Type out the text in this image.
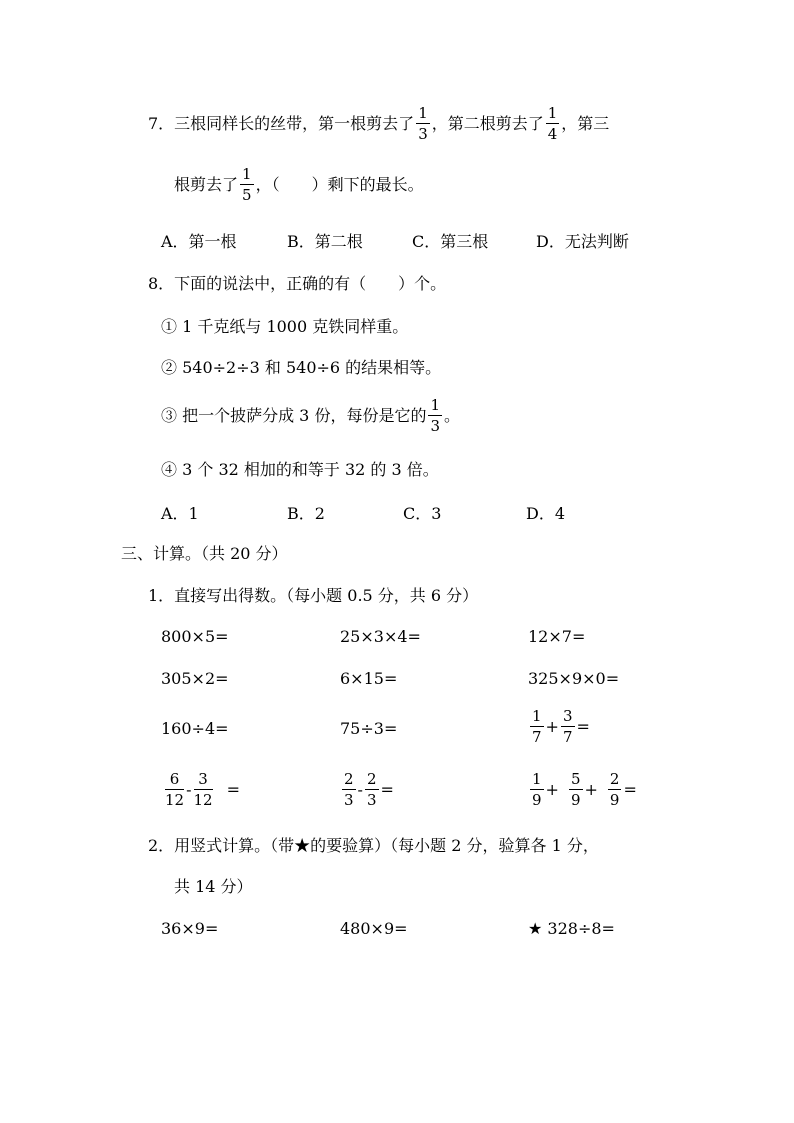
7．三根同样长的丝带，第一根剪去了 $\frac{1}{3}$ ，第二根剪去了 $\frac{1}{4}$ ，第三
根剪去了 $\frac{1}{5}$ ，（　　）剩下的最长。
A．第一根	B．第二根	C．第三根	D．无法判断
8．下面的说法中，正确的有（　　）个。
① 1 千克纸与 1000 克铁同样重。
② 540÷2÷3 和 540÷6 的结果相等。
③ 把一个披萨分成 3 份，每份是它的 $\frac{1}{3}$ 。
④ 3 个 32 相加的和等于 32 的 3 倍。
A．1	B．2	C．3	D．4
三、计算。（共 20 分）
1．直接写出得数。（每小题 0.5 分，共 6 分）
800×5=	25×3×4=	12×7=
305×2=	6×15=	325×9×0=
160÷4=	75÷3=	$\frac{1}{7} + \frac{3}{7}$ =
$\frac{6}{12} - \frac{3}{12}$ =	$\frac{2}{3} - \frac{2}{3}$ =	$\frac{1}{9} + \frac{5}{9} + \frac{2}{9}$ =
2．用竖式计算。（带★的要验算）（每小题 2 分，验算各 1 分，
共 14 分）
36×9=	480×9=	★ 328÷8=
